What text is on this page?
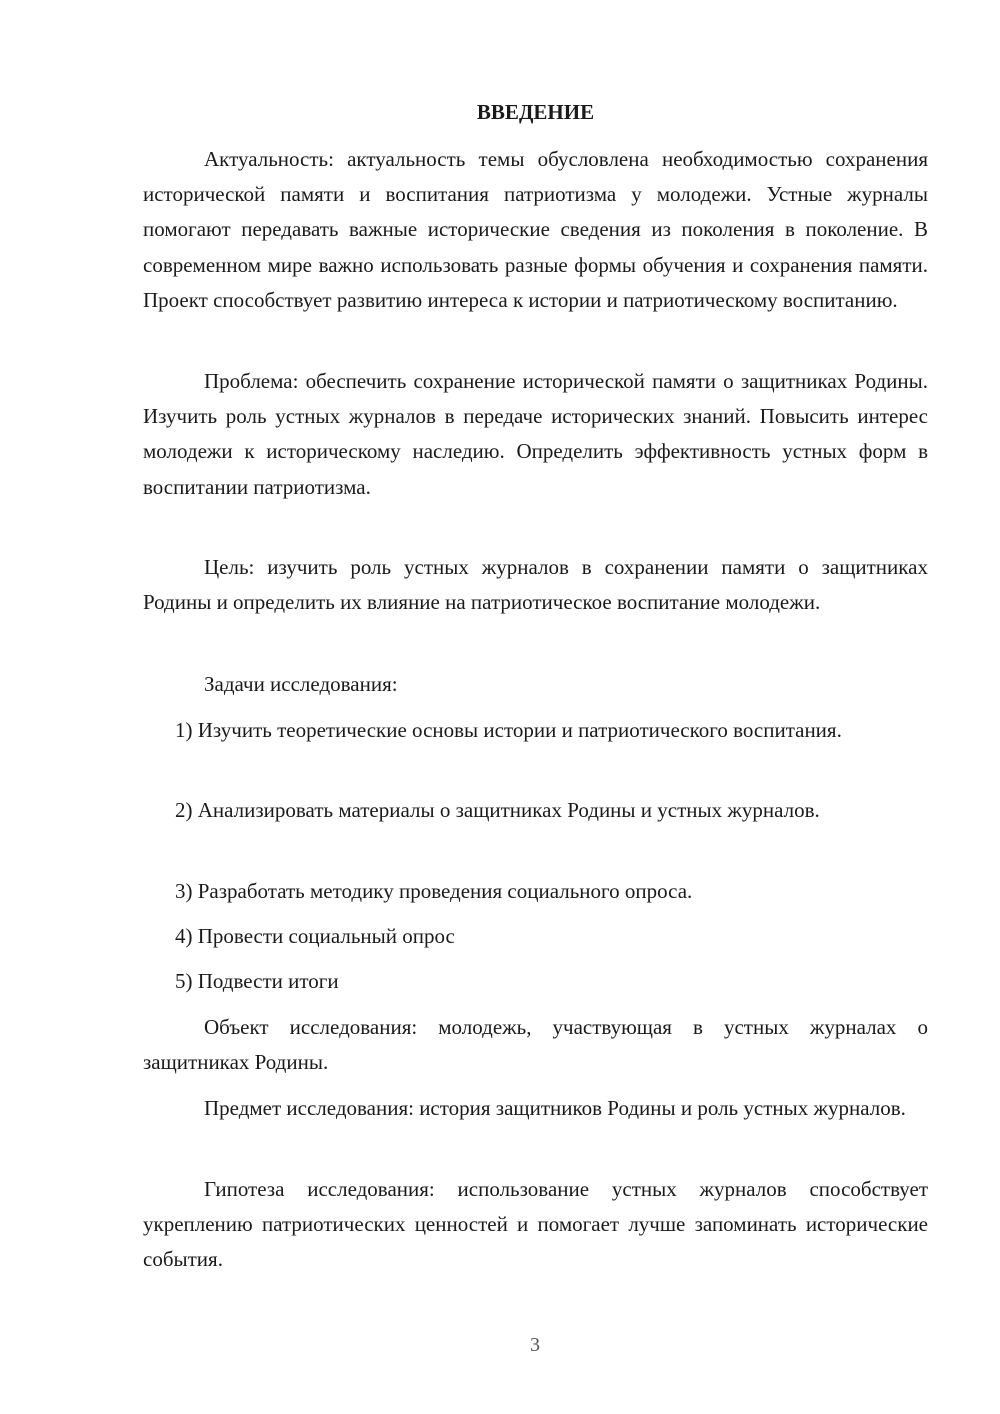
ВВЕДЕНИЕ

Актуальность: актуальность темы обусловлена необходимостью сохранения исторической памяти и воспитания патриотизма у молодежи. Устные журналы помогают передавать важные исторические сведения из поколения в поколение. В современном мире важно использовать разные формы обучения и сохранения памяти. Проект способствует развитию интереса к истории и патриотическому воспитанию.

Проблема: обеспечить сохранение исторической памяти о защитниках Родины. Изучить роль устных журналов в передаче исторических знаний. Повысить интерес молодежи к историческому наследию. Определить эффективность устных форм в воспитании патриотизма.

Цель: изучить роль устных журналов в сохранении памяти о защитниках Родины и определить их влияние на патриотическое воспитание молодежи.

Задачи исследования:

1) Изучить теоретические основы истории и патриотического воспитания.

2) Анализировать материалы о защитниках Родины и устных журналов.

3) Разработать методику проведения социального опроса.

4) Провести социальный опрос

5) Подвести итоги

Объект исследования: молодежь, участвующая в устных журналах о защитниках Родины.

Предмет исследования: история защитников Родины и роль устных журналов.

Гипотеза исследования: использование устных журналов способствует укреплению патриотических ценностей и помогает лучше запоминать исторические события.

3
